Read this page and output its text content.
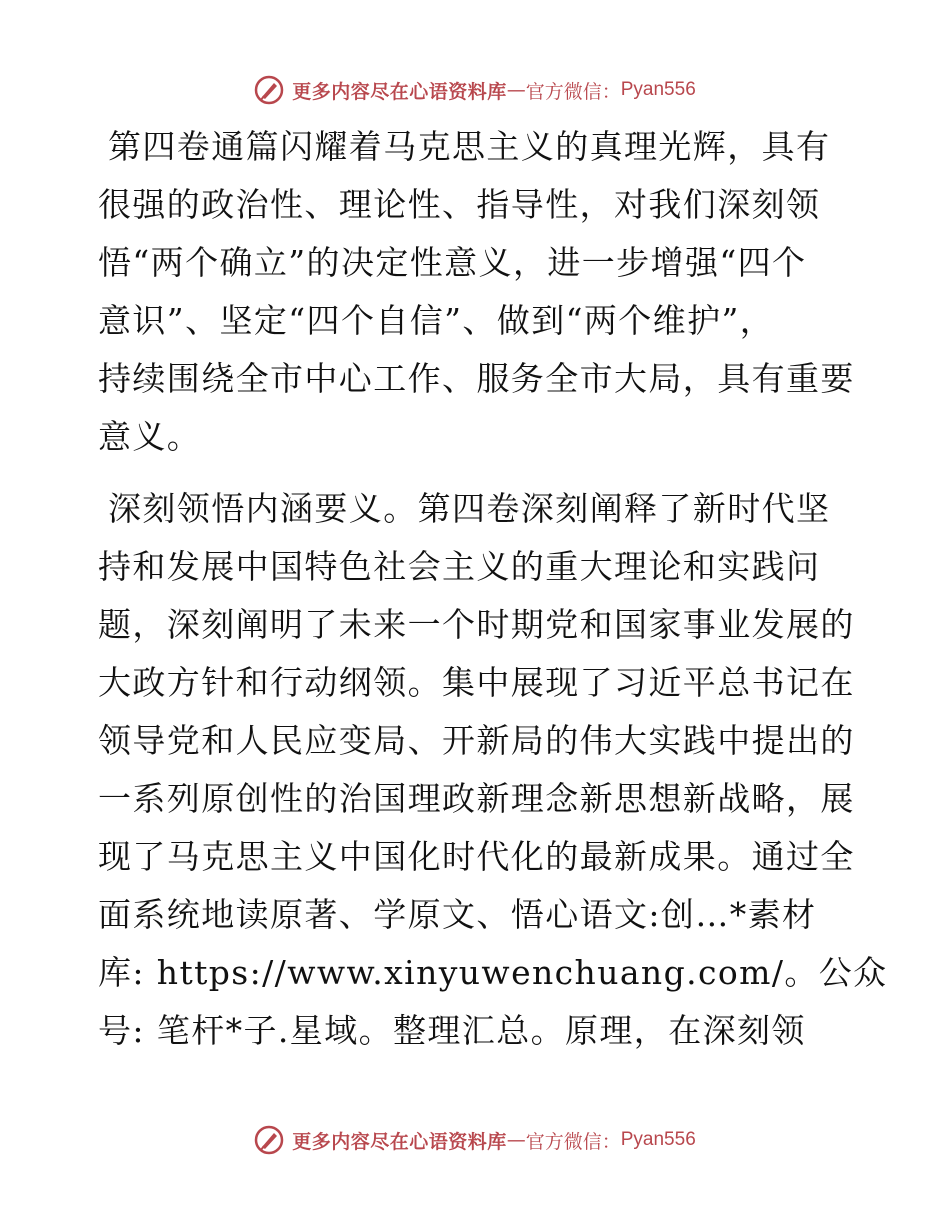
更多内容尽在心语资料库 — 官方微信： Pyan556
第四卷通篇闪耀着马克思主义的真理光辉，具有
很强的政治性、理论性、指导性，对我们深刻领
悟“两个确立”的决定性意义，进一步增强“四个
意识”、坚定“四个自信”、做到“两个维护”，
持续围绕全市中心工作、服务全市大局，具有重要
意义。
深刻领悟内涵要义。第四卷深刻阐释了新时代坚
持和发展中国特色社会主义的重大理论和实践问
题，深刻阐明了未来一个时期党和国家事业发展的
大政方针和行动纲领。集中展现了习近平总书记在
领导党和人民应变局、开新局的伟大实践中提出的
一系列原创性的治国理政新理念新思想新战略，展
现了马克思主义中国化时代化的最新成果。通过全
面系统地读原著、学原文、悟心语文:创…*素材
库: https://www.xinyuwenchuang.com/。公众
号: 笔杆*子.星域。整理汇总。原理，在深刻领
更多内容尽在心语资料库 — 官方微信： Pyan556
